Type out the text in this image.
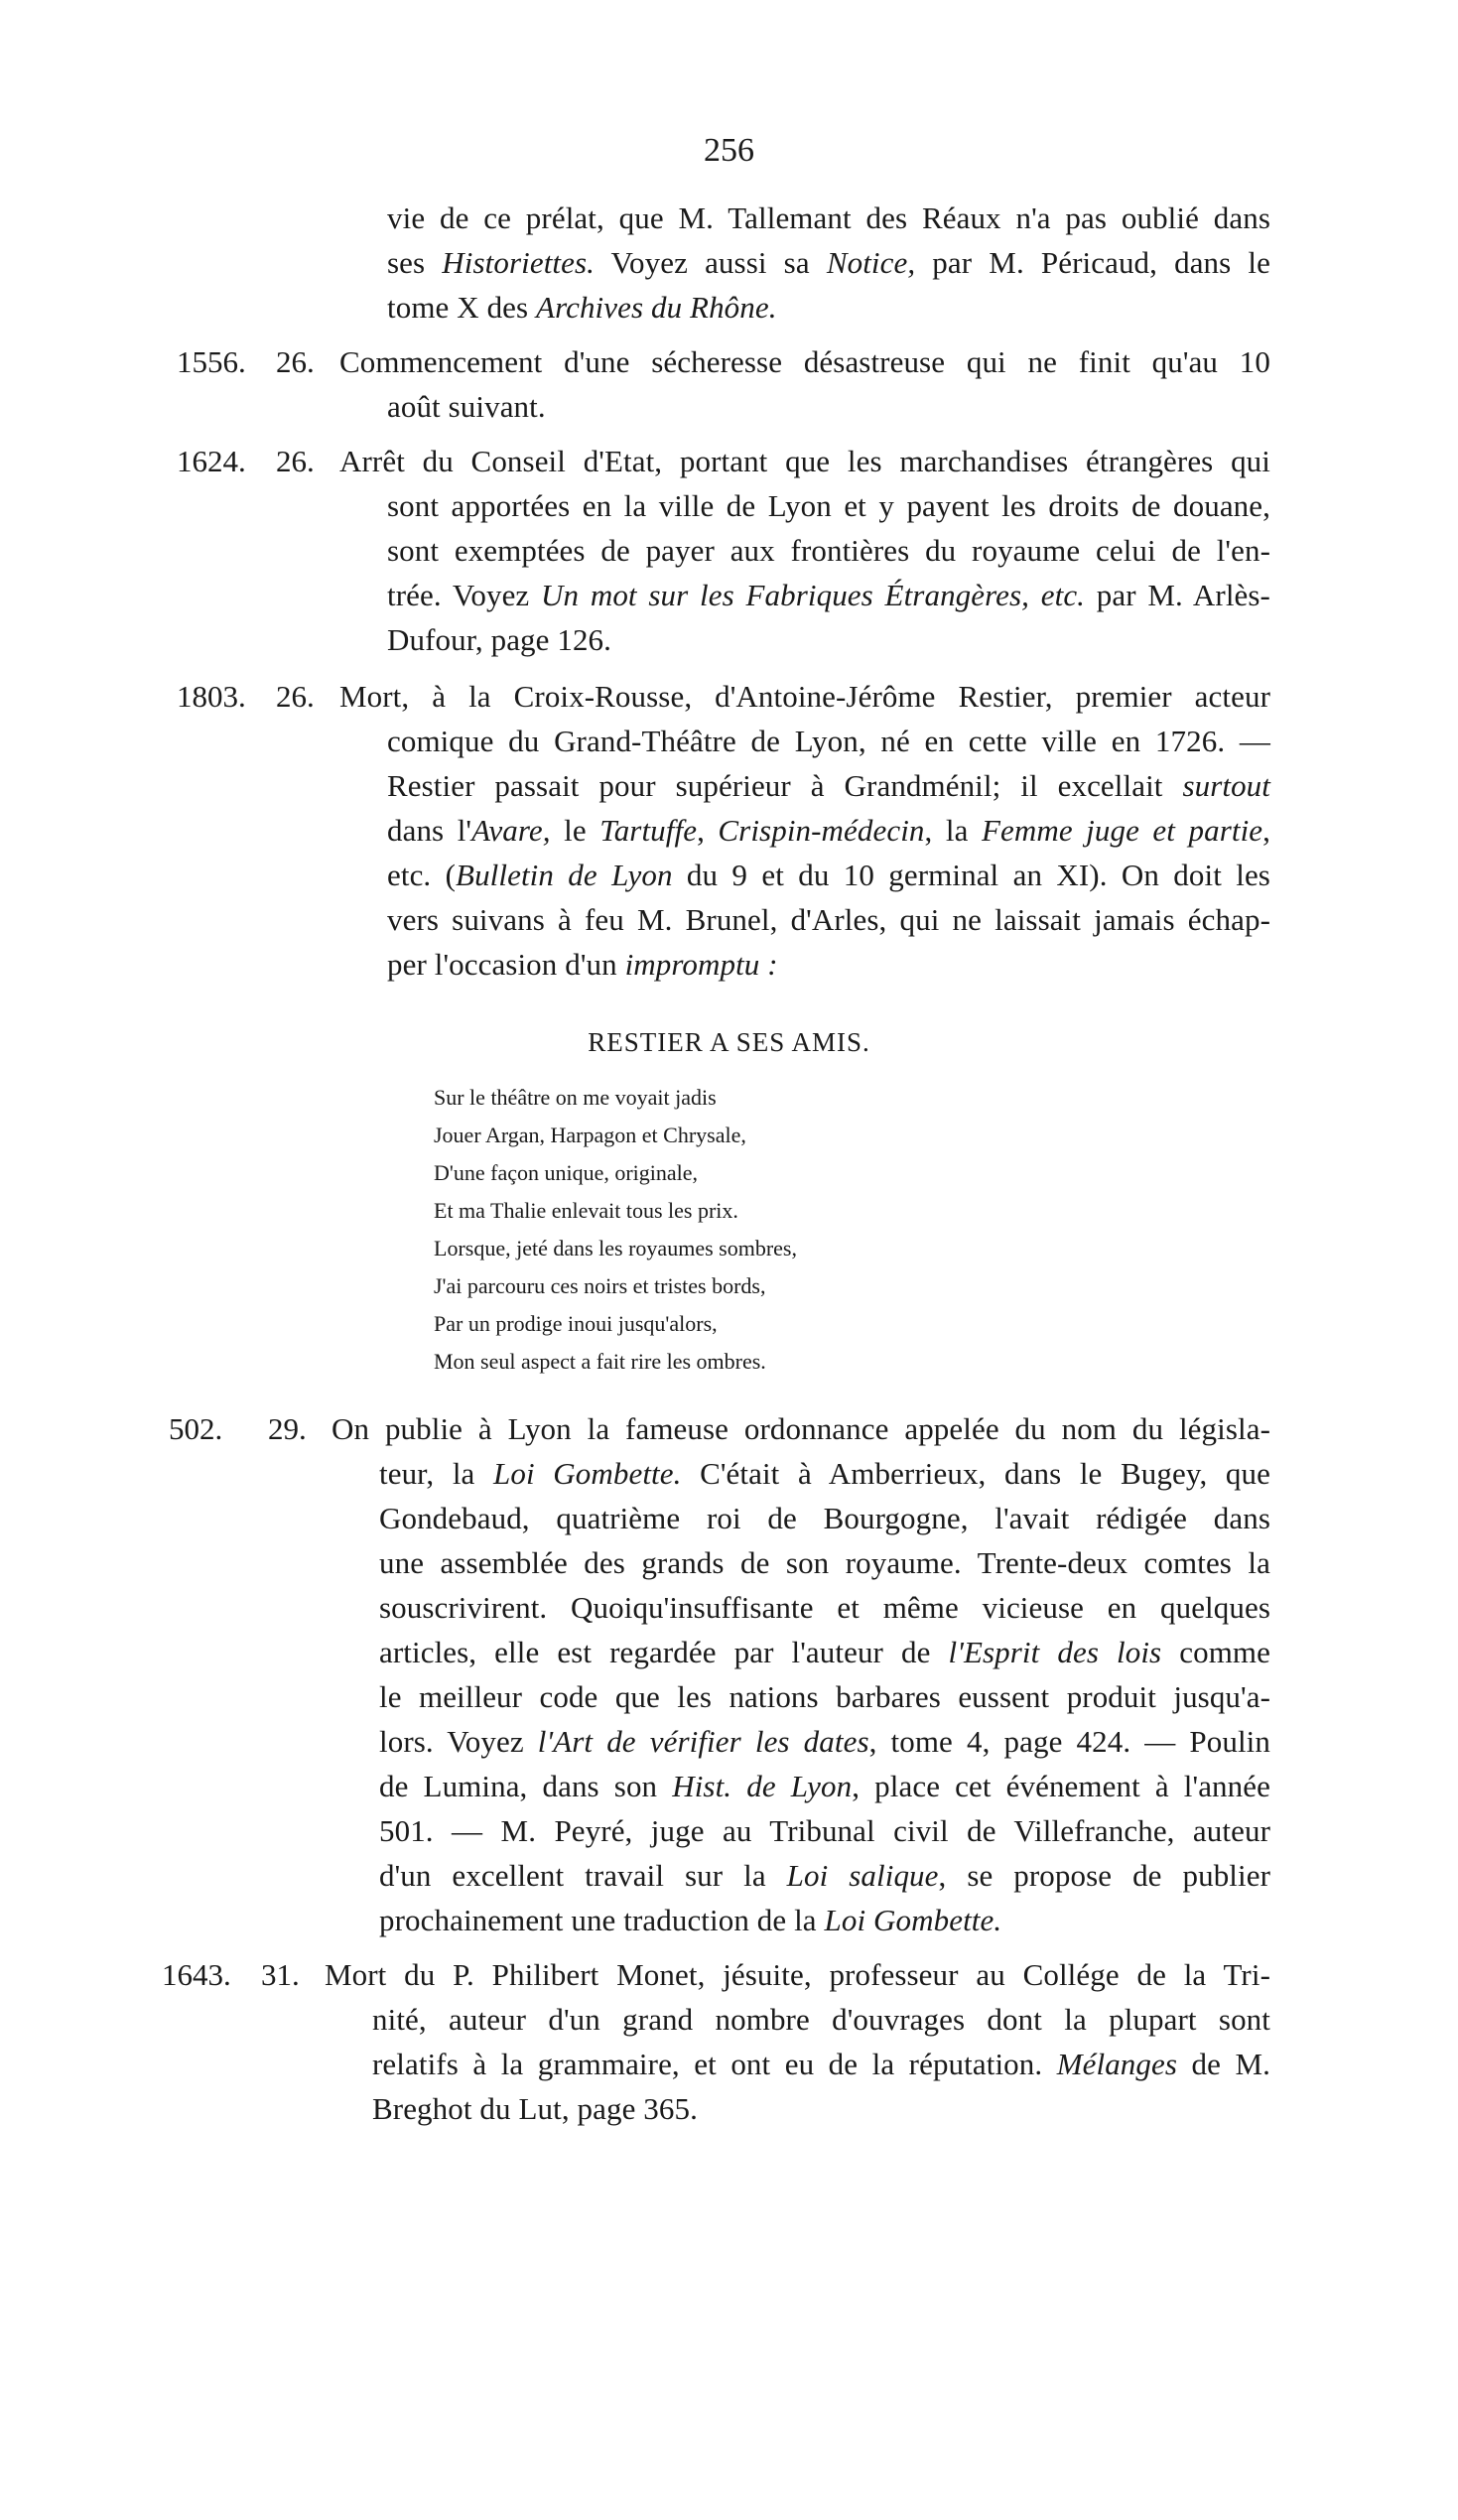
256
vie de ce prélat, que M. Tallemant des Réaux n'a pas oublié dans
ses Historiettes. Voyez aussi sa Notice, par M. Péricaud, dans le
tome X des Archives du Rhône.
1556. 26. Commencement d'une sécheresse désastreuse qui ne finit qu'au 10
août suivant.
1624. 26. Arrêt du Conseil d'Etat, portant que les marchandises étrangères qui
sont apportées en la ville de Lyon et y payent les droits de douane,
sont exemptées de payer aux frontières du royaume celui de l'en-
trée. Voyez Un mot sur les Fabriques Étrangères, etc. par M. Arlès-
Dufour, page 126.
1803. 26. Mort, à la Croix-Rousse, d'Antoine-Jérôme Restier, premier acteur
comique du Grand-Théâtre de Lyon, né en cette ville en 1726. —
Restier passait pour supérieur à Grandménil; il excellait surtout
dans l'Avare, le Tartuffe, Crispin-médecin, la Femme juge et partie,
etc. (Bulletin de Lyon du 9 et du 10 germinal an XI). On doit les
vers suivans à feu M. Brunel, d'Arles, qui ne laissait jamais échap-
per l'occasion d'un impromptu :
RESTIER A SES AMIS.
Sur le théâtre on me voyait jadis
Jouer Argan, Harpagon et Chrysale,
D'une façon unique, originale,
Et ma Thalie enlevait tous les prix.
Lorsque, jeté dans les royaumes sombres,
J'ai parcouru ces noirs et tristes bords,
Par un prodige inoui jusqu'alors,
Mon seul aspect a fait rire les ombres.
502. 29. On publie à Lyon la fameuse ordonnance appelée du nom du législa-
teur, la Loi Gombette. C'était à Amberrieux, dans le Bugey, que
Gondebaud, quatrième roi de Bourgogne, l'avait rédigée dans
une assemblée des grands de son royaume. Trente-deux comtes la
souscrivirent. Quoiqu'insuffisante et même vicieuse en quelques
articles, elle est regardée par l'auteur de l'Esprit des lois comme
le meilleur code que les nations barbares eussent produit jusqu'a-
lors. Voyez l'Art de vérifier les dates, tome 4, page 424. — Poulin
de Lumina, dans son Hist. de Lyon, place cet événement à l'année
501. — M. Peyré, juge au Tribunal civil de Villefranche, auteur
d'un excellent travail sur la Loi salique, se propose de publier
prochainement une traduction de la Loi Gombette.
1643. 31. Mort du P. Philibert Monet, jésuite, professeur au Collége de la Tri-
nité, auteur d'un grand nombre d'ouvrages dont la plupart sont
relatifs à la grammaire, et ont eu de la réputation. Mélanges de M.
Breghot du Lut, page 365.
